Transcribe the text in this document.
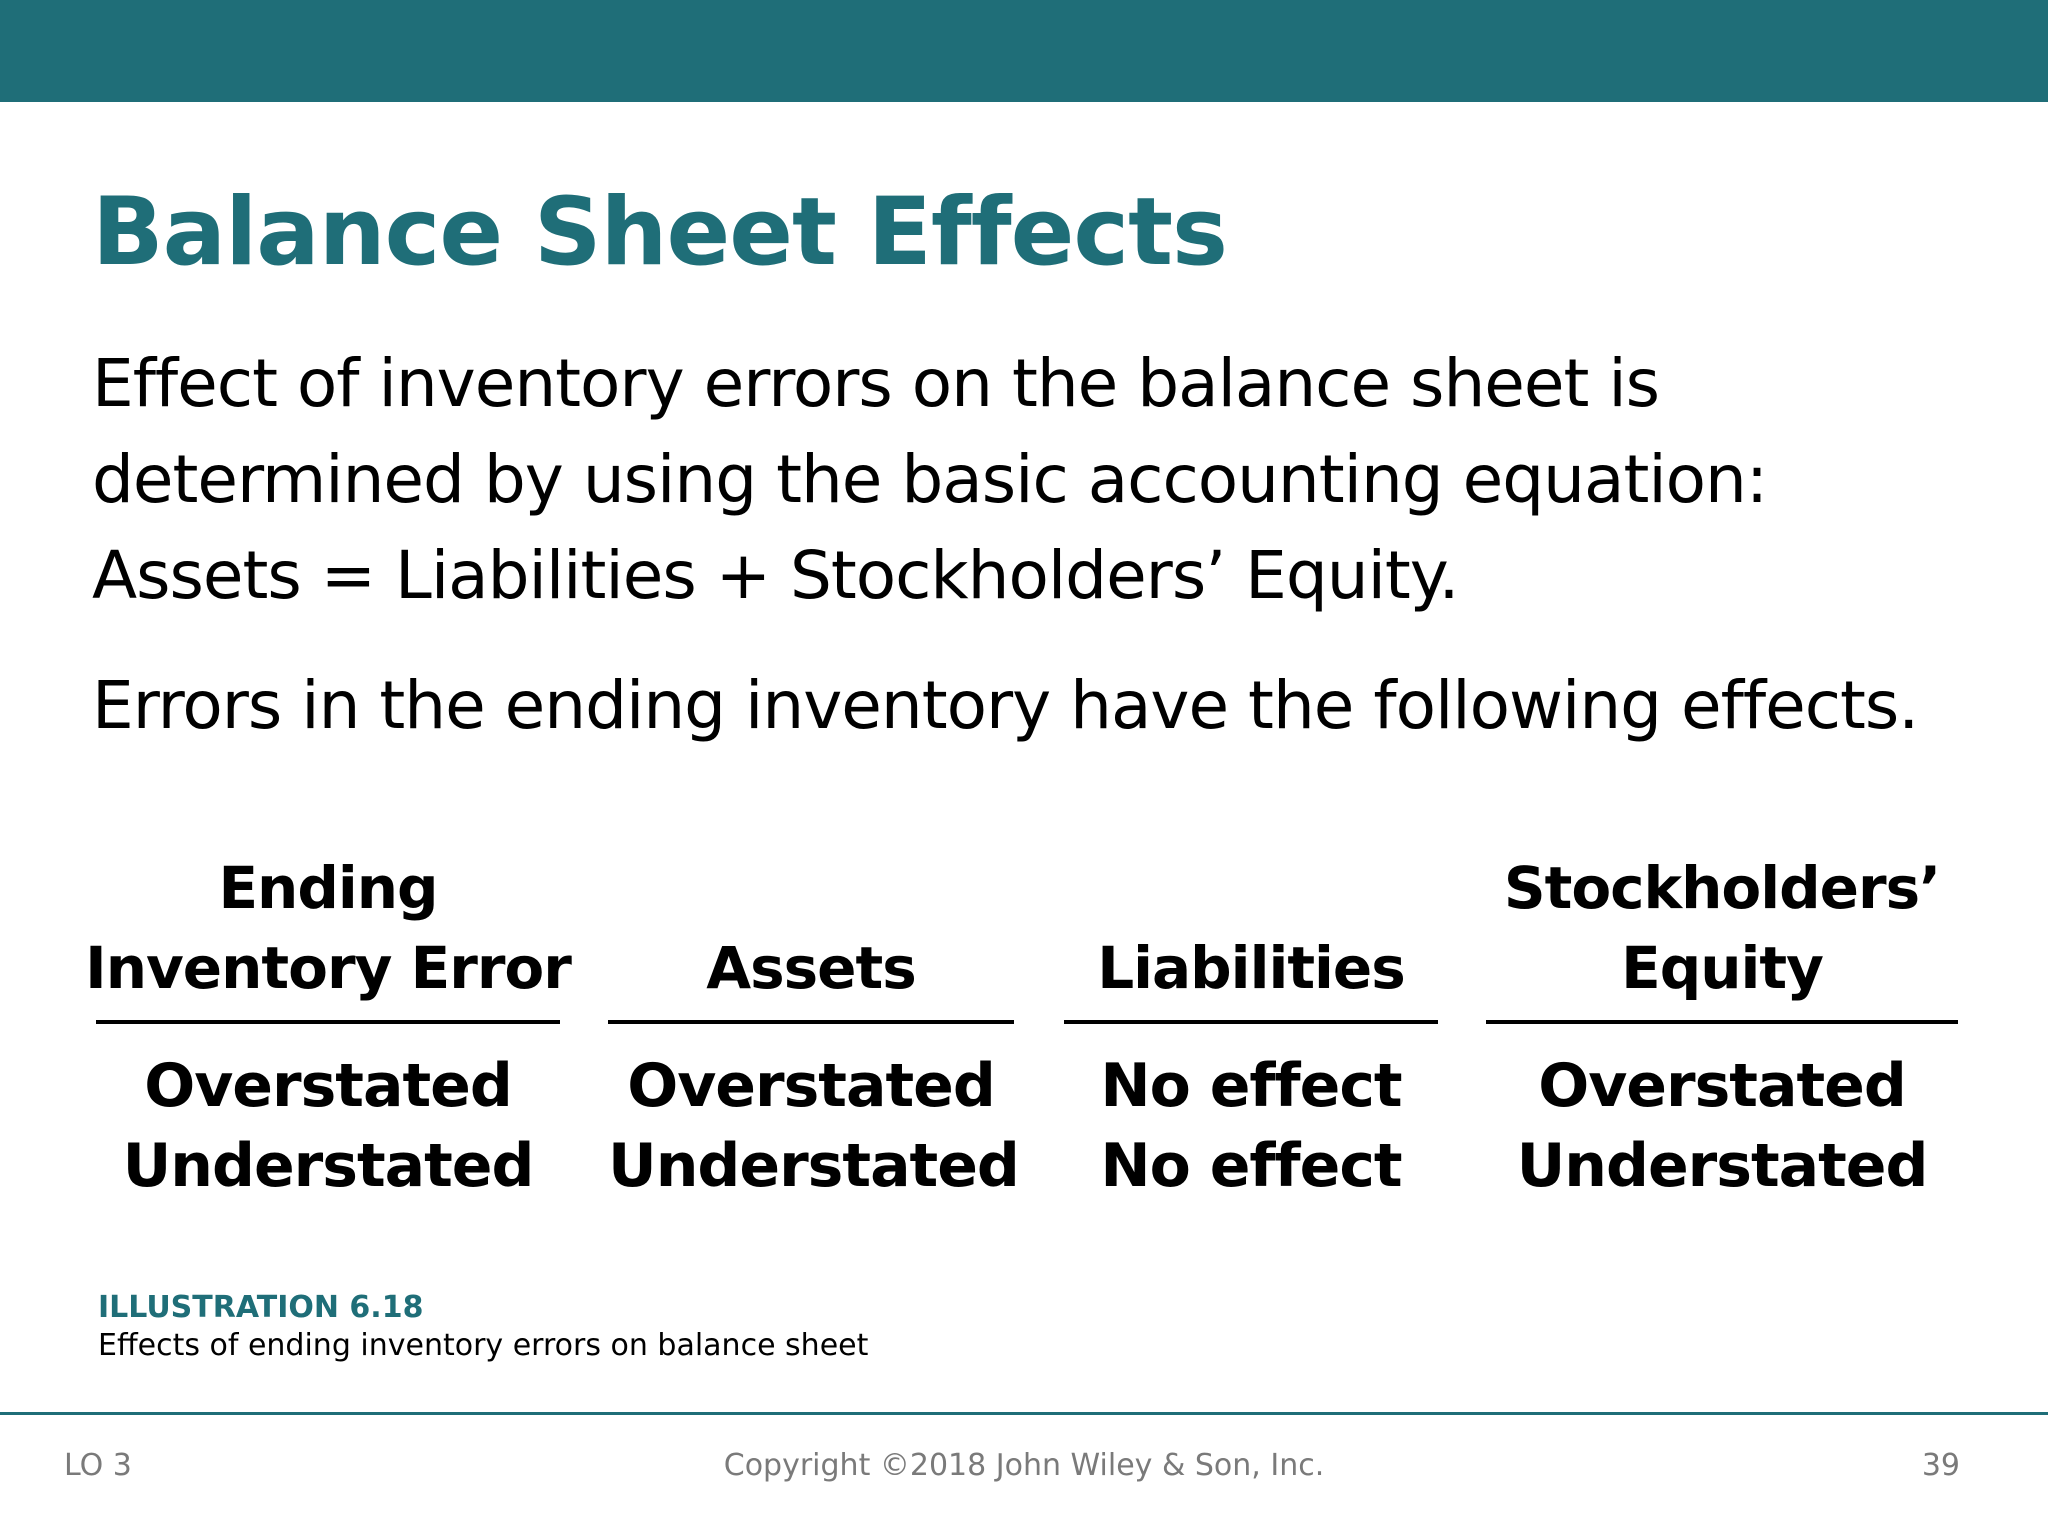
Balance Sheet Effects
Effect of inventory errors on the balance sheet is
determined by using the basic accounting equation:
Assets = Liabilities + Stockholders’ Equity.
Errors in the ending inventory have the following effects.
Ending
Inventory Error
Overstated
Understated
Assets
Overstated
Understated
Liabilities
No effect
No effect
Stockholders’
Equity
Overstated
Understated
ILLUSTRATION 6.18
Effects of ending inventory errors on balance sheet
LO 3	Copyright ©2018 John Wiley & Son, Inc.	39
